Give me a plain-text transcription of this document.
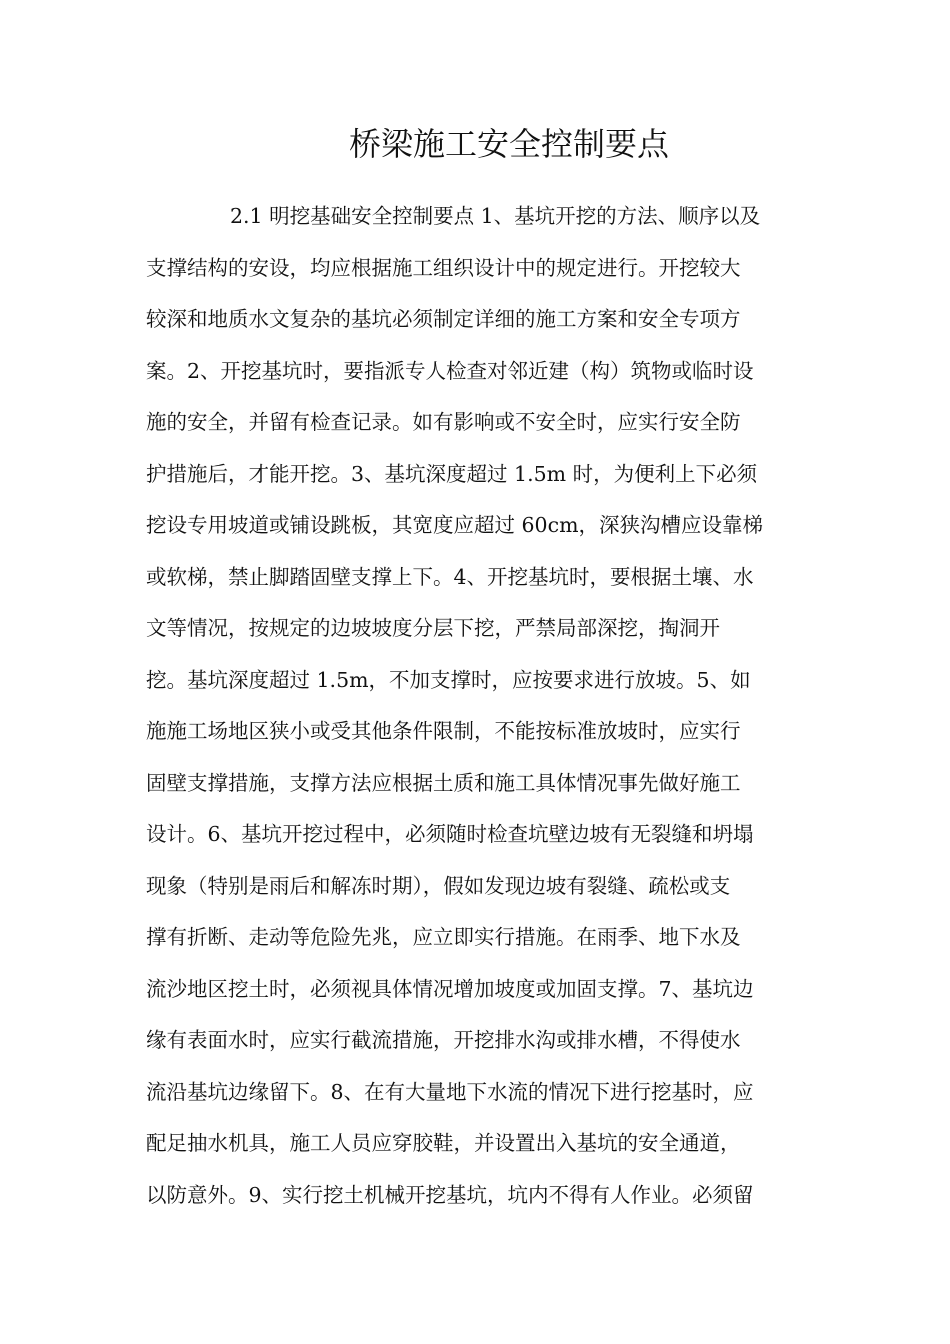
桥梁施工安全控制要点
2.1 明挖基础安全控制要点 1、基坑开挖的方法、顺序以及
支撑结构的安设，均应根据施工组织设计中的规定进行。开挖较大
较深和地质水文复杂的基坑必须制定详细的施工方案和安全专项方
案。2、开挖基坑时，要指派专人检查对邻近建（构）筑物或临时设
施的安全，并留有检查记录。如有影响或不安全时，应实行安全防
护措施后，才能开挖。3、基坑深度超过 1.5m 时，为便利上下必须
挖设专用坡道或铺设跳板，其宽度应超过 60cm，深狭沟槽应设靠梯
或软梯，禁止脚踏固壁支撑上下。4、开挖基坑时，要根据土壤、水
文等情况，按规定的边坡坡度分层下挖，严禁局部深挖，掏洞开
挖。基坑深度超过 1.5m，不加支撑时，应按要求进行放坡。5、如
施施工场地区狭小或受其他条件限制，不能按标准放坡时，应实行
固壁支撑措施，支撑方法应根据土质和施工具体情况事先做好施工
设计。6、基坑开挖过程中，必须随时检查坑壁边坡有无裂缝和坍塌
现象（特别是雨后和解冻时期），假如发现边坡有裂缝、疏松或支
撑有折断、走动等危险先兆，应立即实行措施。在雨季、地下水及
流沙地区挖土时，必须视具体情况增加坡度或加固支撑。7、基坑边
缘有表面水时，应实行截流措施，开挖排水沟或排水槽，不得使水
流沿基坑边缘留下。8、在有大量地下水流的情况下进行挖基时，应
配足抽水机具，施工人员应穿胶鞋，并设置出入基坑的安全通道，
以防意外。9、实行挖土机械开挖基坑，坑内不得有人作业。必须留
